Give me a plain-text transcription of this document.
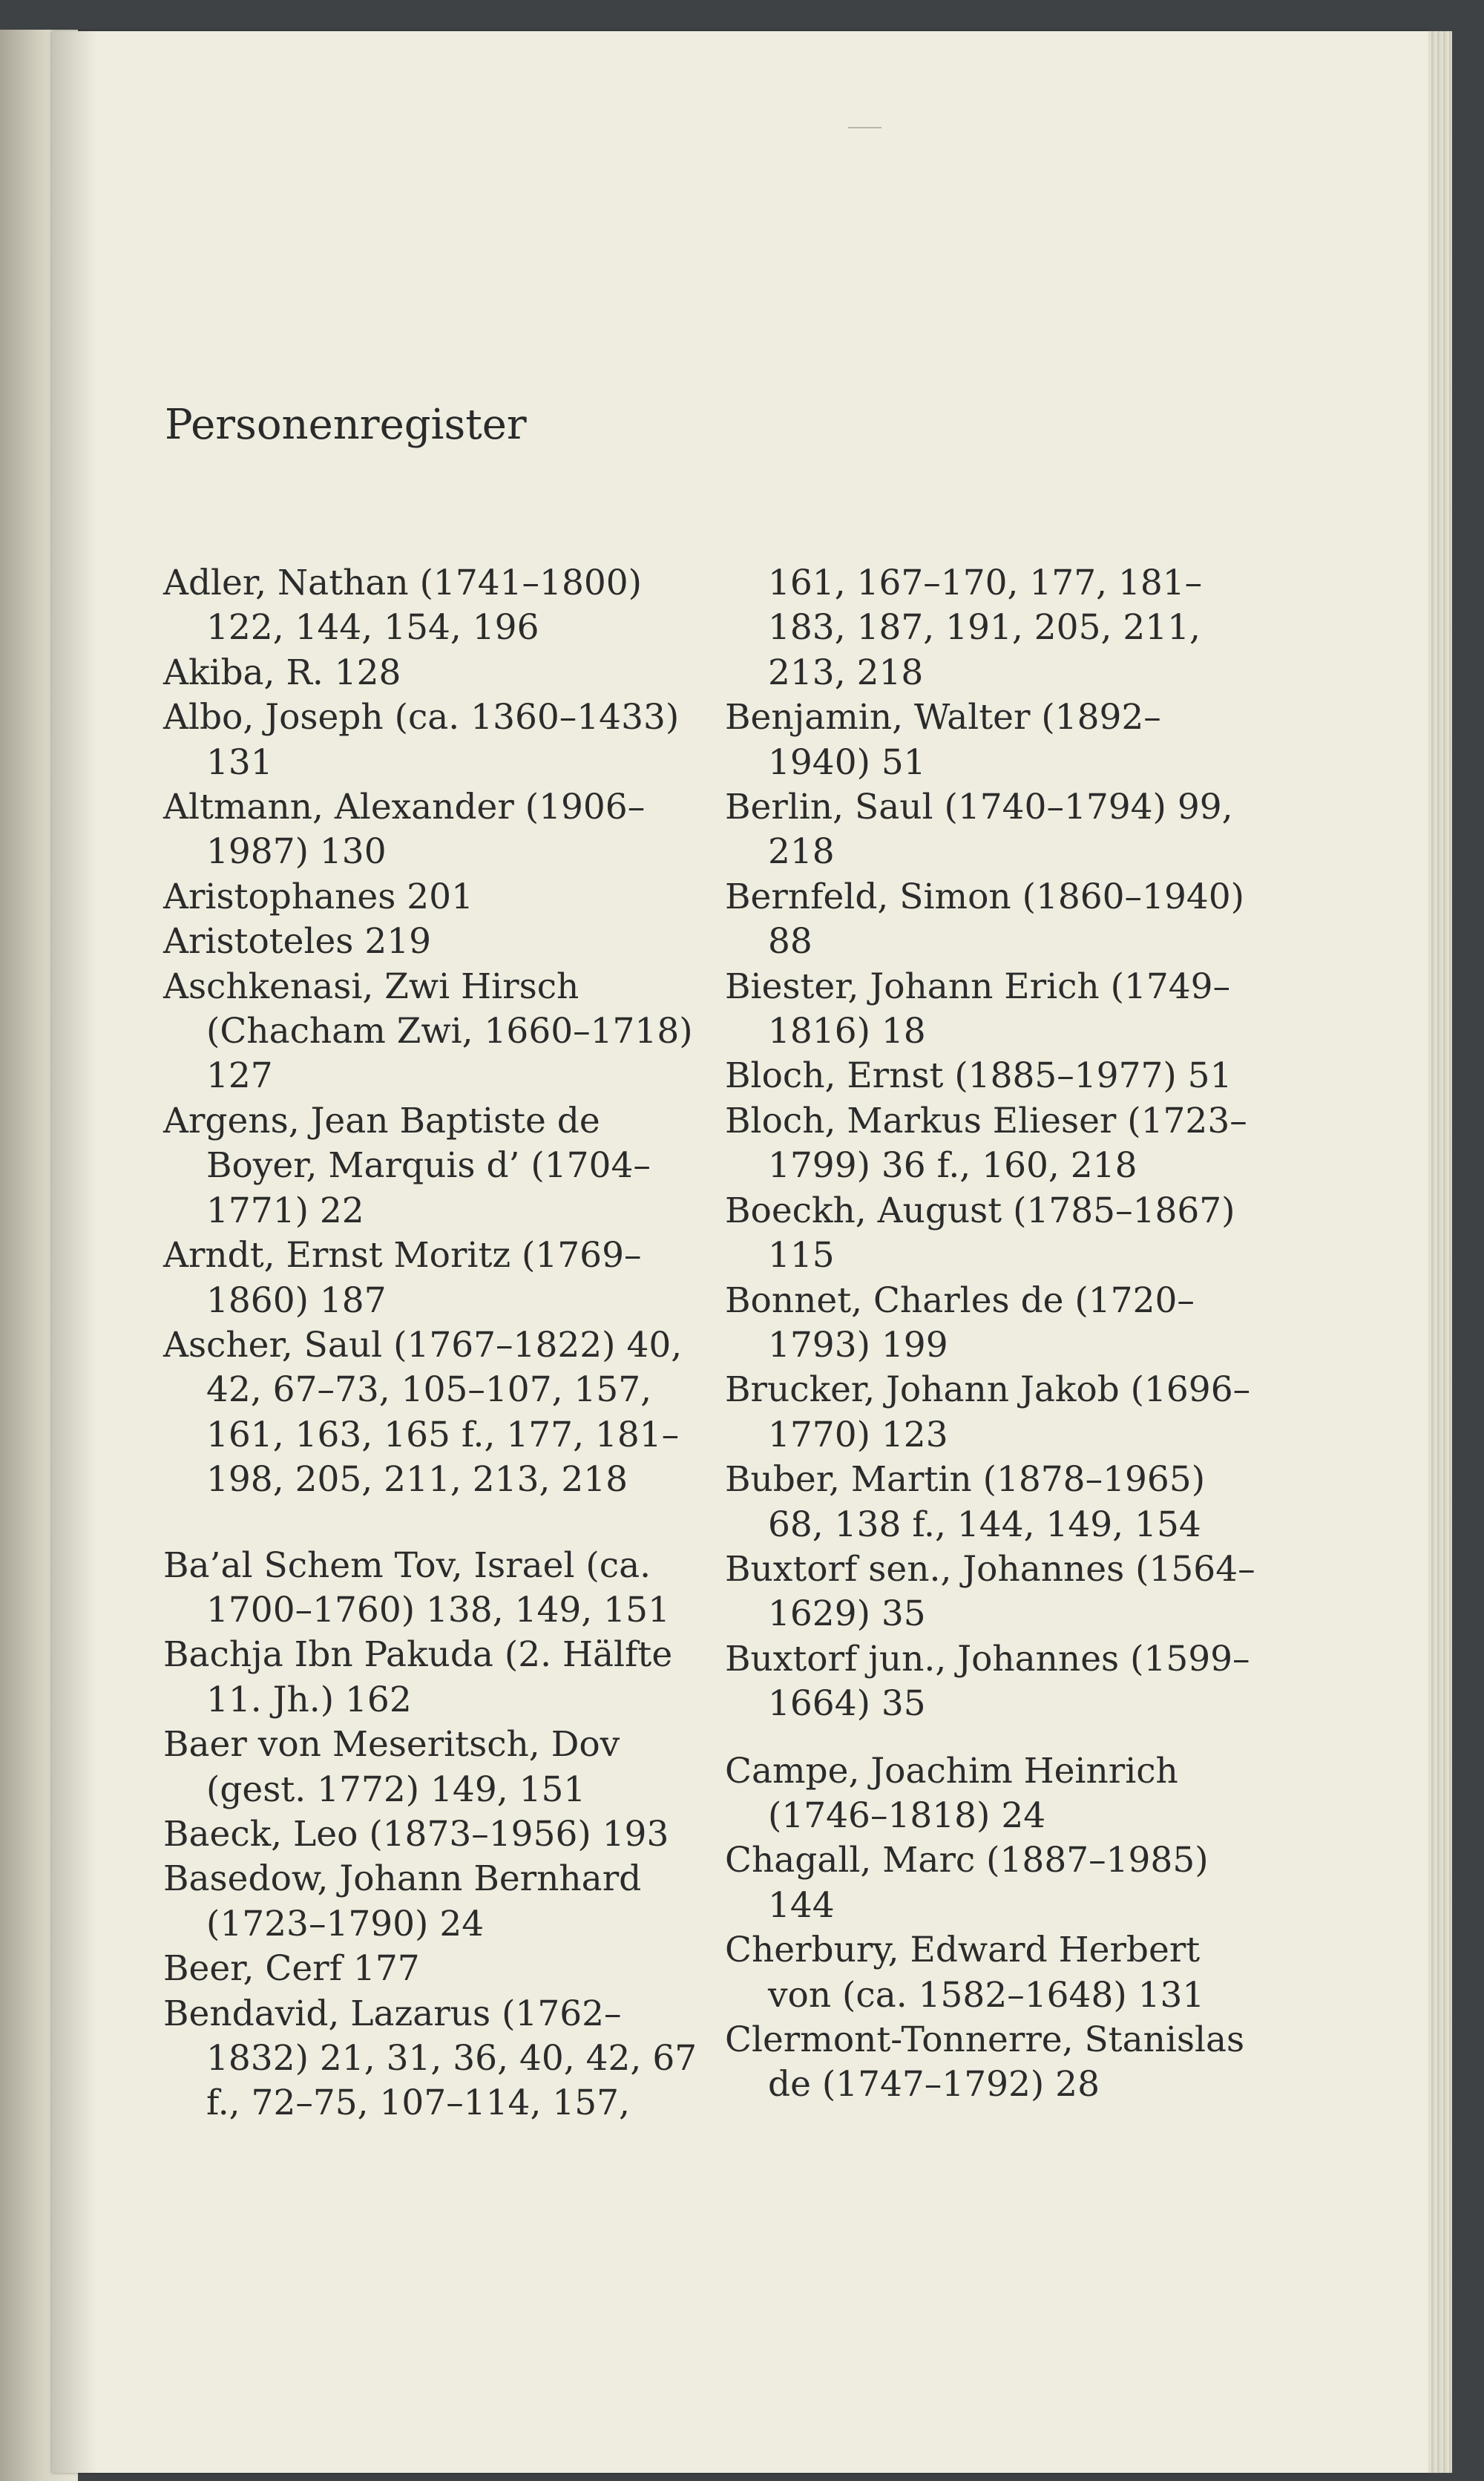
Personenregister
Adler, Nathan (1741–1800) 122, 144, 154, 196
Akiba, R. 128
Albo, Joseph (ca. 1360–1433) 131
Altmann, Alexander (1906–1987) 130
Aristophanes 201
Aristoteles 219
Aschkenasi, Zwi Hirsch (Chacham Zwi, 1660–1718) 127
Argens, Jean Baptiste de Boyer, Marquis d’ (1704–1771) 22
Arndt, Ernst Moritz (1769–1860) 187
Ascher, Saul (1767–1822) 40, 42, 67–73, 105–107, 157, 161, 163, 165 f., 177, 181–198, 205, 211, 213, 218
Ba’al Schem Tov, Israel (ca. 1700–1760) 138, 149, 151
Bachja Ibn Pakuda (2. Hälfte 11. Jh.) 162
Baer von Meseritsch, Dov (gest. 1772) 149, 151
Baeck, Leo (1873–1956) 193
Basedow, Johann Bernhard (1723–1790) 24
Beer, Cerf 177
Bendavid, Lazarus (1762–1832) 21, 31, 36, 40, 42, 67 f., 72–75, 107–114, 157,
161, 167–170, 177, 181–183, 187, 191, 205, 211, 213, 218
Benjamin, Walter (1892–1940) 51
Berlin, Saul (1740–1794) 99, 218
Bernfeld, Simon (1860–1940) 88
Biester, Johann Erich (1749–1816) 18
Bloch, Ernst (1885–1977) 51
Bloch, Markus Elieser (1723–1799) 36 f., 160, 218
Boeckh, August (1785–1867) 115
Bonnet, Charles de (1720–1793) 199
Brucker, Johann Jakob (1696–1770) 123
Buber, Martin (1878–1965) 68, 138 f., 144, 149, 154
Buxtorf sen., Johannes (1564–1629) 35
Buxtorf jun., Johannes (1599–1664) 35
Campe, Joachim Heinrich (1746–1818) 24
Chagall, Marc (1887–1985) 144
Cherbury, Edward Herbert von (ca. 1582–1648) 131
Clermont-Tonnerre, Stanislas de (1747–1792) 28
